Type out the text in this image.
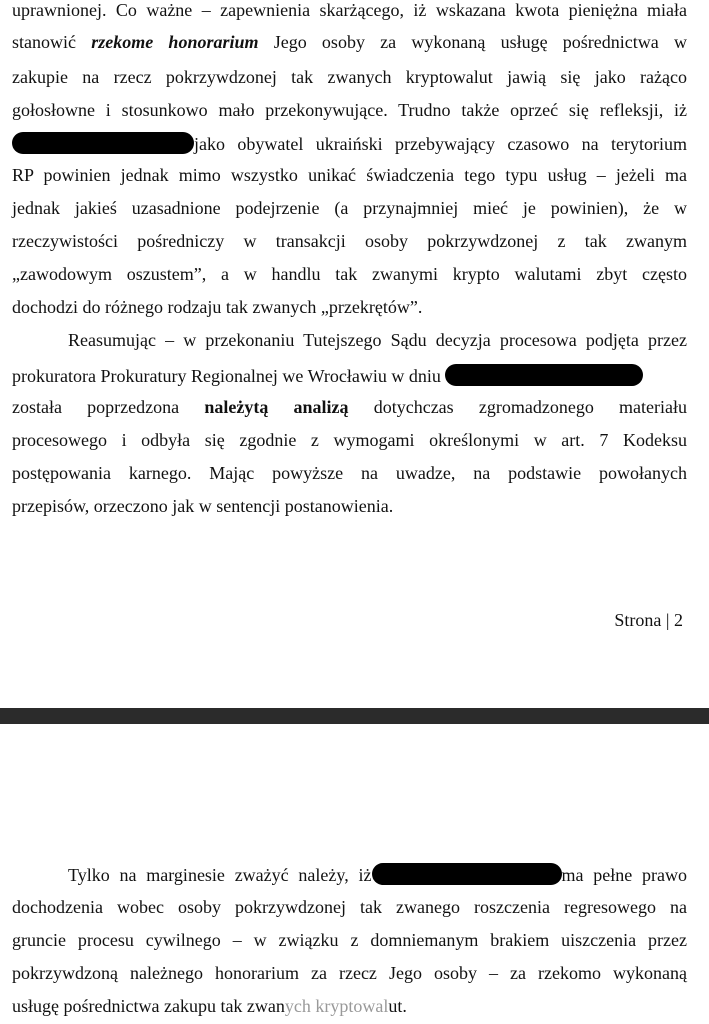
uprawnionej. Co ważne – zapewnienia skarżącego, iż wskazana kwota pieniężna miała
stanowić rzekome honorarium Jego osoby za wykonaną usługę pośrednictwa w
zakupie na rzecz pokrzywdzonej tak zwanych kryptowalut jawią się jako rażąco
gołosłowne i stosunkowo mało przekonywujące. Trudno także oprzeć się refleksji, iż
jako obywatel ukraiński przebywający czasowo na terytorium
RP powinien jednak mimo wszystko unikać świadczenia tego typu usług – jeżeli ma
jednak jakieś uzasadnione podejrzenie (a przynajmniej mieć je powinien), że w
rzeczywistości pośredniczy w transakcji osoby pokrzywdzonej z tak zwanym
„zawodowym oszustem”, a w handlu tak zwanymi krypto walutami zbyt często
dochodzi do różnego rodzaju tak zwanych „przekrętów”.
Reasumując – w przekonaniu Tutejszego Sądu decyzja procesowa podjęta przez
prokuratora Prokuratury Regionalnej we Wrocławiu w dniu
została poprzedzona należytą analizą dotychczas zgromadzonego materiału
procesowego i odbyła się zgodnie z wymogami określonymi w art. 7 Kodeksu
postępowania karnego. Mając powyższe na uwadze, na podstawie powołanych
przepisów, orzeczono jak w sentencji postanowienia.
Strona | 2
Tylko na marginesie zważyć należy, iż	ma pełne prawo
dochodzenia wobec osoby pokrzywdzonej tak zwanego roszczenia regresowego na
gruncie procesu cywilnego – w związku z domniemanym brakiem uiszczenia przez
pokrzywdzoną należnego honorarium za rzecz Jego osoby – za rzekomo wykonaną
usługę pośrednictwa zakupu tak zwanych kryptowalut.
